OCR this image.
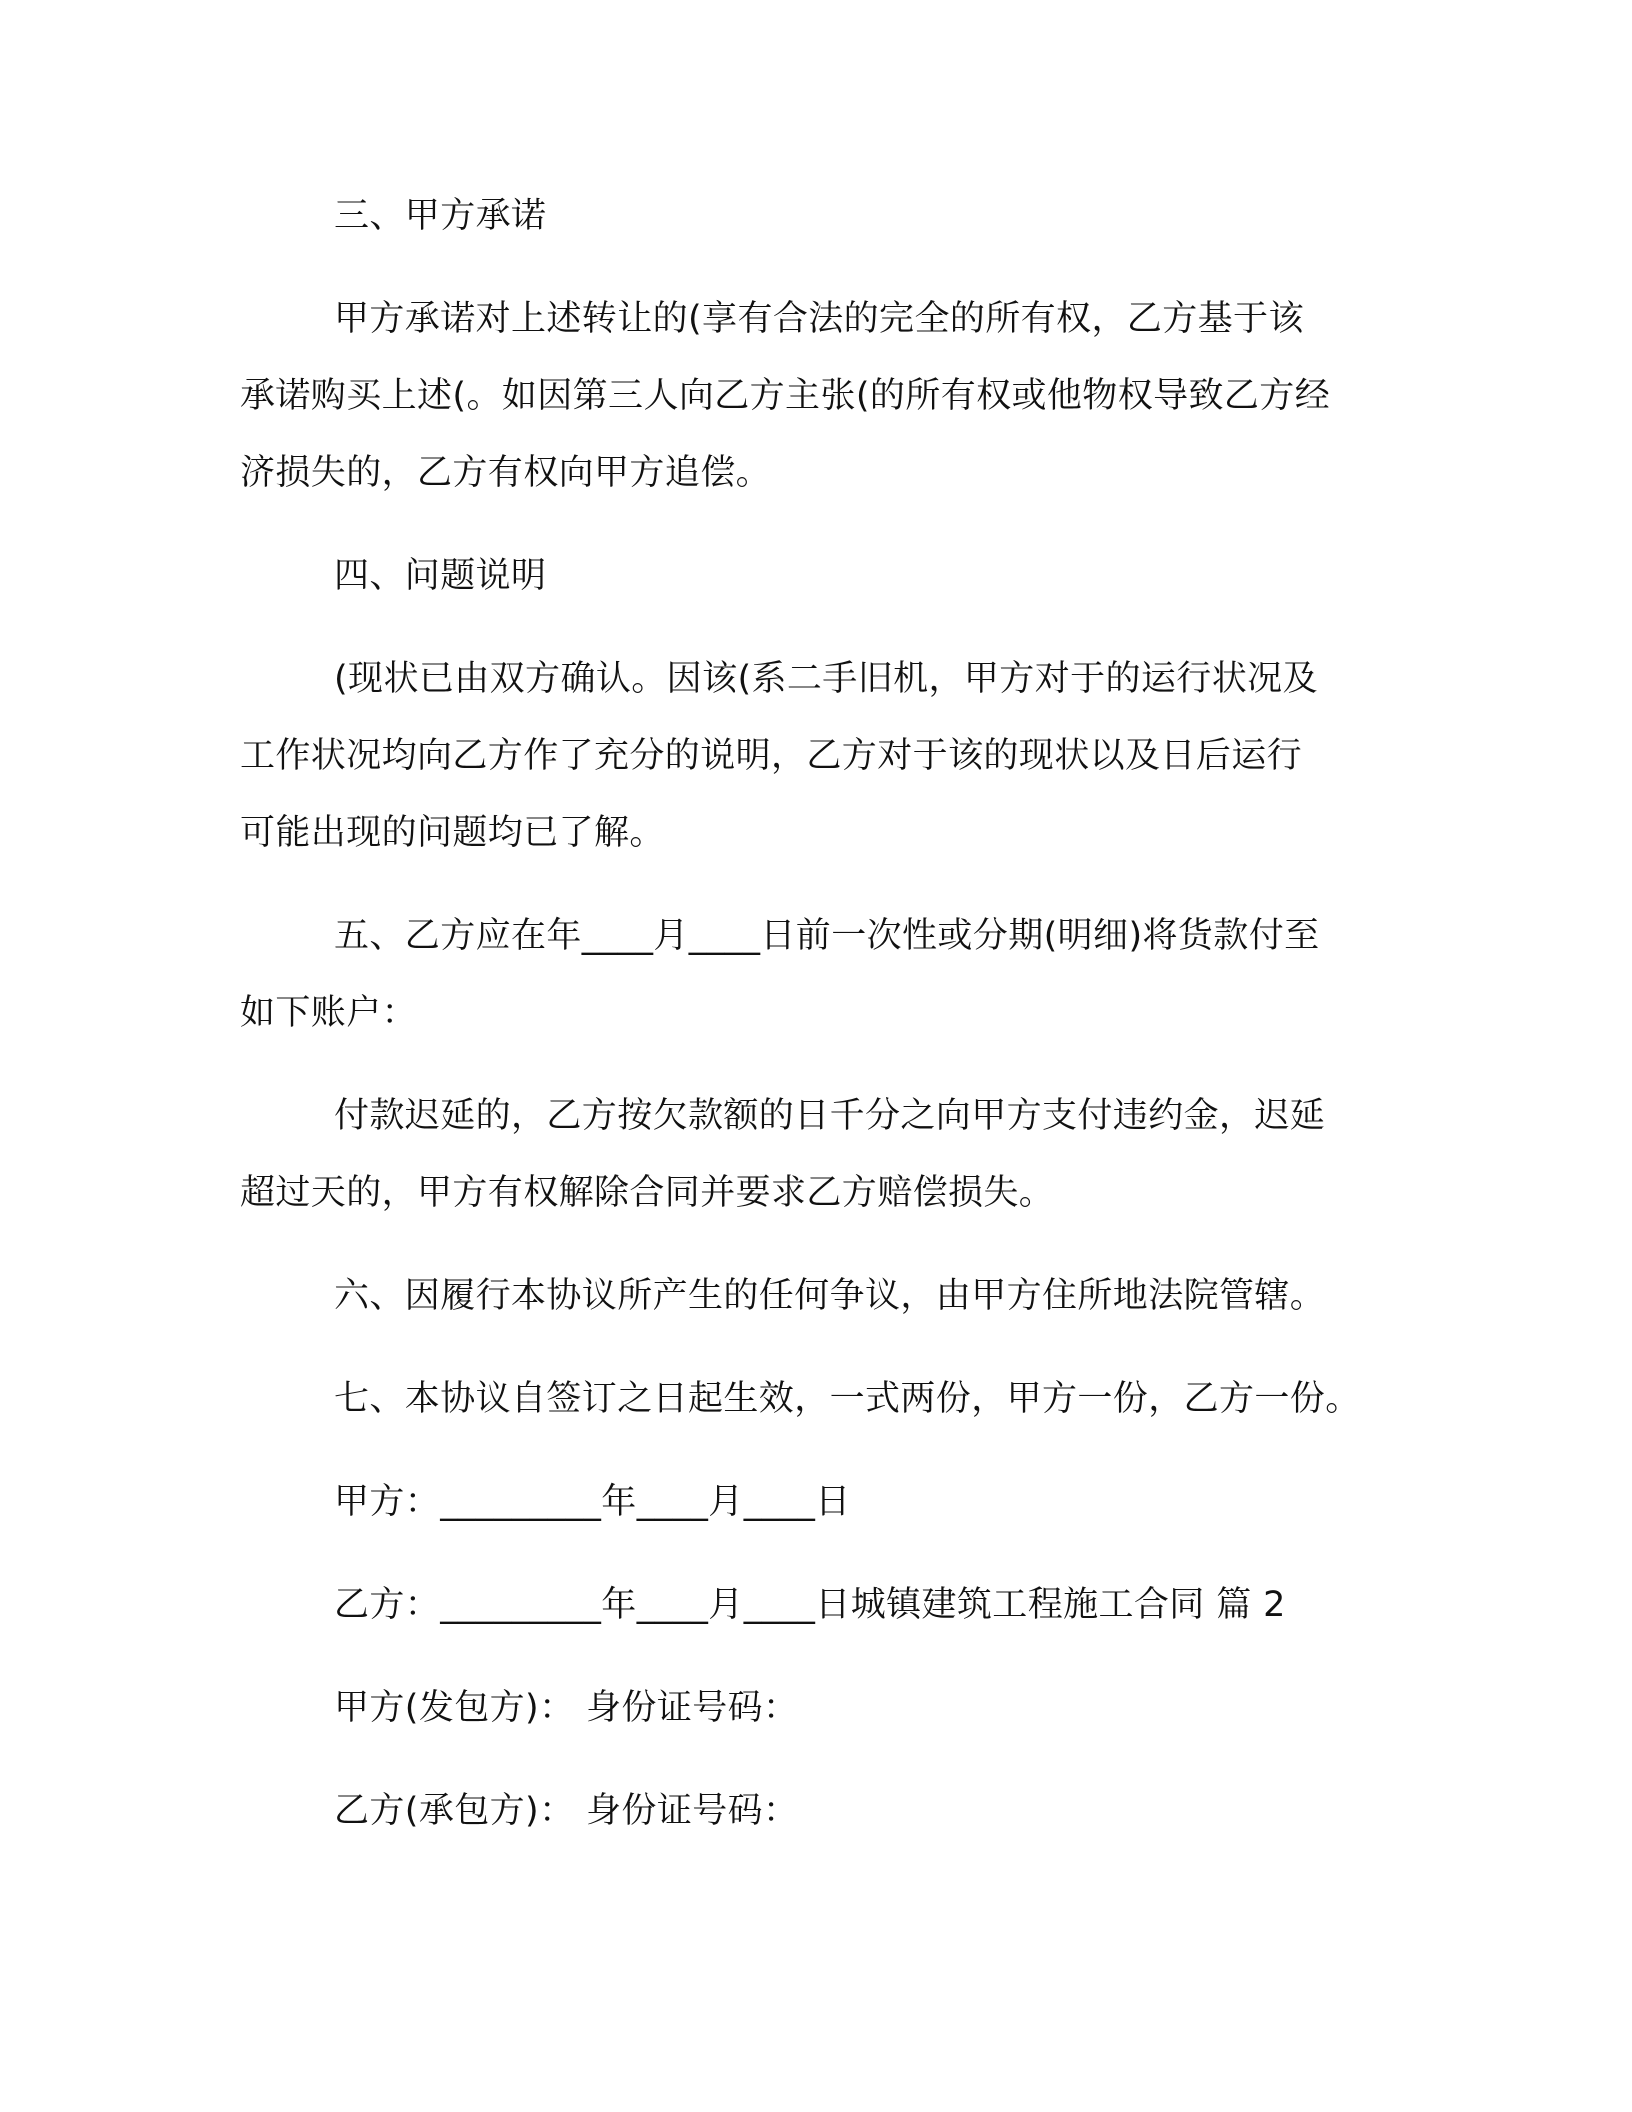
三、甲方承诺
甲方承诺对上述转让的(享有合法的完全的所有权，乙方基于该
承诺购买上述(。如因第三人向乙方主张(的所有权或他物权导致乙方经
济损失的，乙方有权向甲方追偿。
四、问题说明
(现状已由双方确认。因该(系二手旧机，甲方对于的运行状况及
工作状况均向乙方作了充分的说明，乙方对于该的现状以及日后运行
可能出现的问题均已了解。
五、乙方应在年____月____日前一次性或分期(明细)将货款付至
如下账户：
付款迟延的，乙方按欠款额的日千分之向甲方支付违约金，迟延
超过天的，甲方有权解除合同并要求乙方赔偿损失。
六、因履行本协议所产生的任何争议，由甲方住所地法院管辖。
七、本协议自签订之日起生效，一式两份，甲方一份，乙方一份。
甲方：_________年____月____日
乙方：_________年____月____日城镇建筑工程施工合同 篇 2
甲方(发包方)： 身份证号码：
乙方(承包方)： 身份证号码：
